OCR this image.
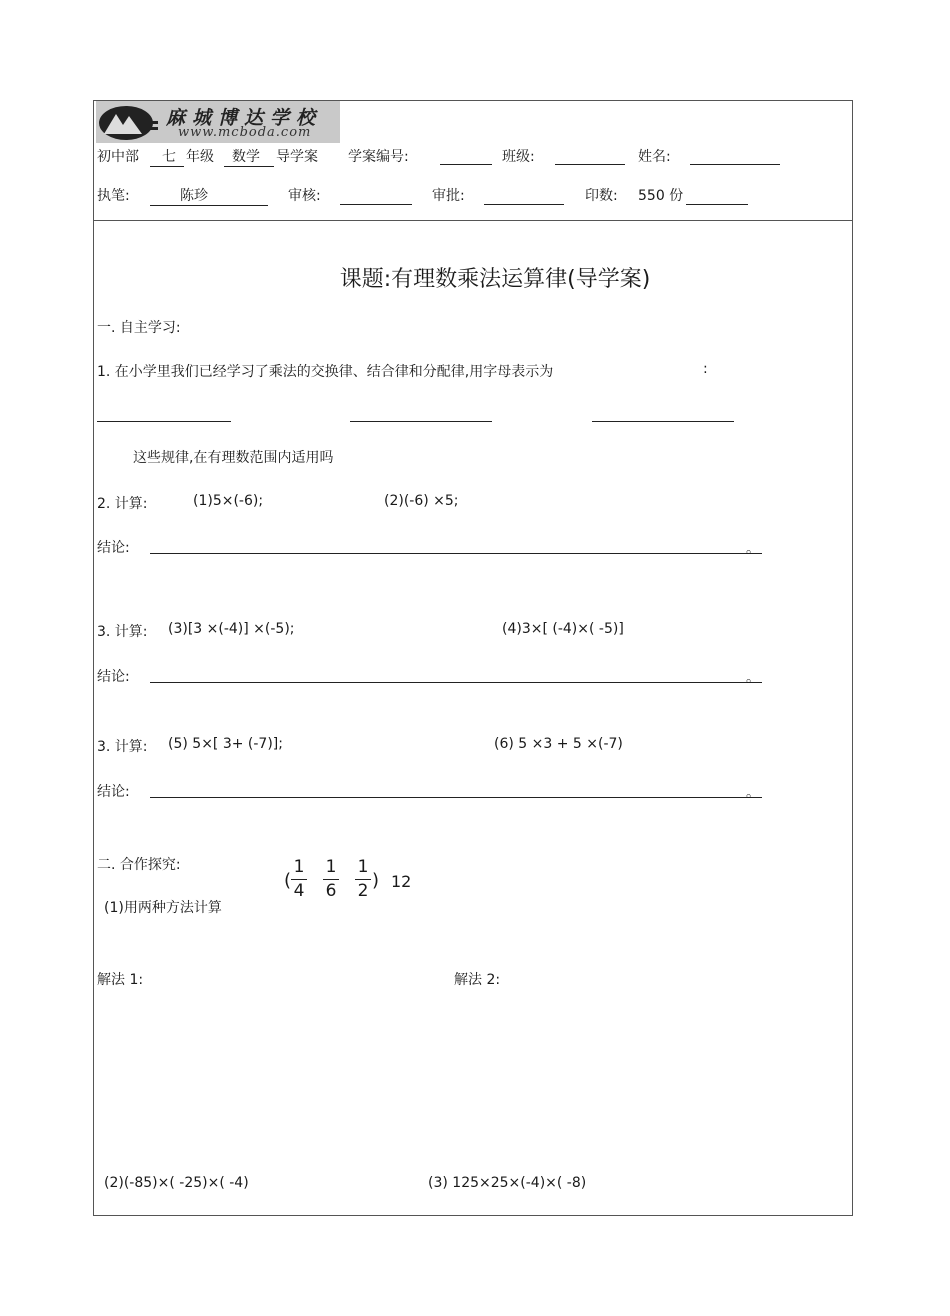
麻城博达学校
www.mcboda.com
初中部 七 年级 数学 导学案 学案编号:	班级:	姓名:
执笔:	陈珍	审核:	审批:	印数: 550 份
课题:有理数乘法运算律(导学案)
一. 自主学习:
1. 在小学里我们已经学习了乘法的交换律、结合律和分配律,用字母表示为	:
这些规律,在有理数范围内适用吗
2. 计算:	(1)5×(-6);	(2)(-6) ×5;
结论:	。
3. 计算: (3)[3 ×(-4)] ×(-5);	(4)3×[ (-4)×( -5)]
结论:	。
3. 计算: (5) 5×[ 3+ (-7)];	(6) 5 ×3 + 5 ×(-7)
结论:	。
二. 合作探究:
(1)用两种方法计算
(
1
4
1
6
1
2 ) 12
解法 1:	解法 2:
(2)(-85)×( -25)×( -4)	(3) 125×25×(-4)×( -8)
